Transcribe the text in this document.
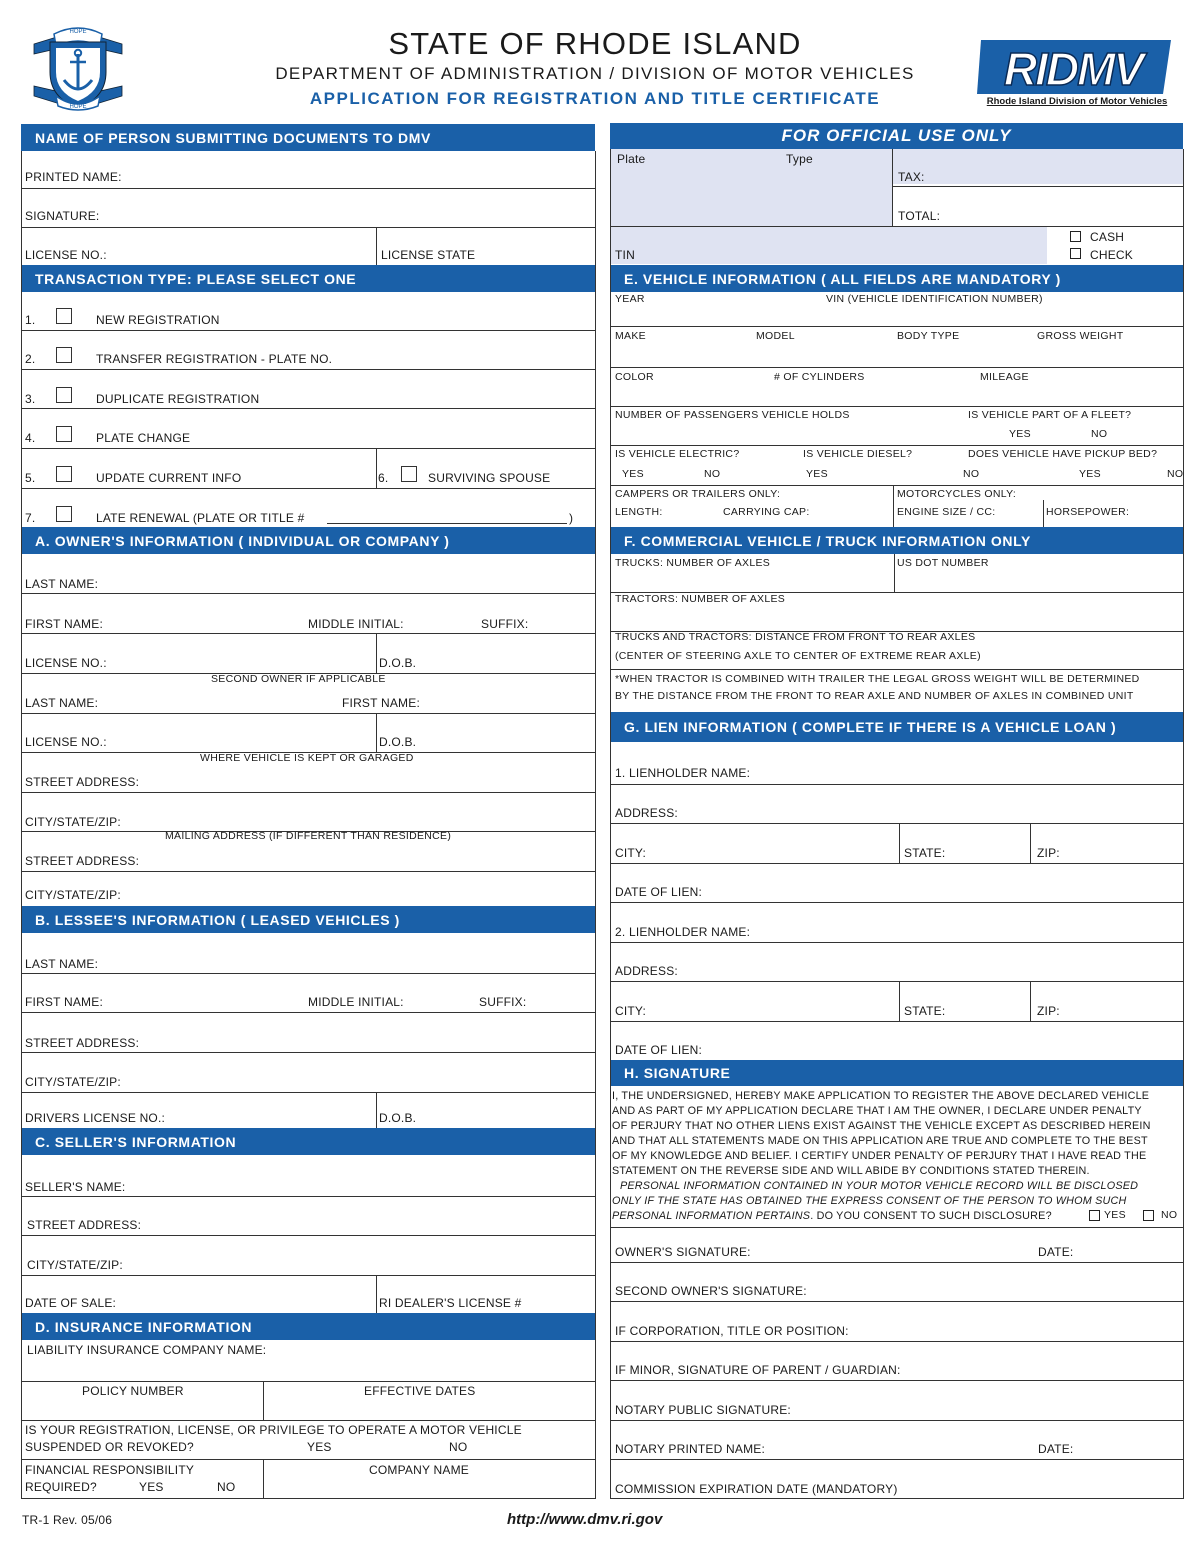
HOPE
HOPE
STATE OF RHODE ISLAND
DEPARTMENT OF ADMINISTRATION / DIVISION OF MOTOR VEHICLES
APPLICATION FOR REGISTRATION AND TITLE CERTIFICATE
RIDMV
Rhode Island Division of Motor Vehicles
NAME OF PERSON SUBMITTING DOCUMENTS TO DMV
PRINTED NAME:
SIGNATURE:
LICENSE NO.:	LICENSE STATE
TRANSACTION TYPE: PLEASE SELECT ONE
1.	NEW REGISTRATION
2.	TRANSFER REGISTRATION - PLATE NO.
3.	DUPLICATE REGISTRATION
4.	PLATE CHANGE
5.	UPDATE CURRENT INFO	6.	SURVIVING SPOUSE
7.	LATE RENEWAL (PLATE OR TITLE #	)
A. OWNER'S INFORMATION ( INDIVIDUAL OR COMPANY )
LAST NAME:
FIRST NAME:	MIDDLE INITIAL:	SUFFIX:
LICENSE NO.:	D.O.B.
SECOND OWNER IF APPLICABLE
LAST NAME:	FIRST NAME:
LICENSE NO.:	D.O.B.
WHERE VEHICLE IS KEPT OR GARAGED
STREET ADDRESS:
CITY/STATE/ZIP:
MAILING ADDRESS (IF DIFFERENT THAN RESIDENCE)
STREET ADDRESS:
CITY/STATE/ZIP:
B. LESSEE'S INFORMATION ( LEASED VEHICLES )
LAST NAME:
FIRST NAME:	MIDDLE INITIAL:	SUFFIX:
STREET ADDRESS:
CITY/STATE/ZIP:
DRIVERS LICENSE NO.:	D.O.B.
C. SELLER'S INFORMATION
SELLER'S NAME:
STREET ADDRESS:
CITY/STATE/ZIP:
DATE OF SALE:	RI DEALER'S LICENSE #
D. INSURANCE INFORMATION
LIABILITY INSURANCE COMPANY NAME:
POLICY NUMBER	EFFECTIVE DATES
IS YOUR REGISTRATION, LICENSE, OR PRIVILEGE TO OPERATE A MOTOR VEHICLE
SUSPENDED OR REVOKED?	YES	NO
FINANCIAL RESPONSIBILITY
REQUIRED?	YES	NO
COMPANY NAME
FOR OFFICIAL USE ONLY
Plate	Type
TAX:
TOTAL:
TIN
CASH
CHECK
E. VEHICLE INFORMATION ( ALL FIELDS ARE MANDATORY )
YEAR	VIN (VEHICLE IDENTIFICATION NUMBER)
MAKE	MODEL	BODY TYPE	GROSS WEIGHT
COLOR	# OF CYLINDERS	MILEAGE
NUMBER OF PASSENGERS VEHICLE HOLDS	IS VEHICLE PART OF A FLEET?
YES	NO
IS VEHICLE ELECTRIC?	IS VEHICLE DIESEL?	DOES VEHICLE HAVE PICKUP BED?
YES	NO	YES	NO	YES	NO
CAMPERS OR TRAILERS ONLY:	MOTORCYCLES ONLY:
LENGTH:	CARRYING CAP:	ENGINE SIZE / CC:	HORSEPOWER:
F. COMMERCIAL VEHICLE / TRUCK INFORMATION ONLY
TRUCKS: NUMBER OF AXLES	US DOT NUMBER
TRACTORS: NUMBER OF AXLES
TRUCKS AND TRACTORS: DISTANCE FROM FRONT TO REAR AXLES
(CENTER OF STEERING AXLE TO CENTER OF EXTREME REAR AXLE)
*WHEN TRACTOR IS COMBINED WITH TRAILER THE LEGAL GROSS WEIGHT WILL BE DETERMINED
BY THE DISTANCE FROM THE FRONT TO REAR AXLE AND NUMBER OF AXLES IN COMBINED UNIT
G. LIEN INFORMATION ( COMPLETE IF THERE IS A VEHICLE LOAN )
1. LIENHOLDER NAME:
ADDRESS:
CITY:	STATE:	ZIP:
DATE OF LIEN:
2. LIENHOLDER NAME:
ADDRESS:
CITY:	STATE:	ZIP:
DATE OF LIEN:
H. SIGNATURE
I, THE UNDERSIGNED, HEREBY MAKE APPLICATION TO REGISTER THE ABOVE DECLARED VEHICLE
AND AS PART OF MY APPLICATION DECLARE THAT I AM THE OWNER, I DECLARE UNDER PENALTY
OF PERJURY THAT NO OTHER LIENS EXIST AGAINST THE VEHICLE EXCEPT AS DESCRIBED HEREIN
AND THAT ALL STATEMENTS MADE ON THIS APPLICATION ARE TRUE AND COMPLETE TO THE BEST
OF MY KNOWLEDGE AND BELIEF. I CERTIFY UNDER PENALTY OF PERJURY THAT I HAVE READ THE
STATEMENT ON THE REVERSE SIDE AND WILL ABIDE BY CONDITIONS STATED THEREIN.
PERSONAL INFORMATION CONTAINED IN YOUR MOTOR VEHICLE RECORD WILL BE DISCLOSED
ONLY IF THE STATE HAS OBTAINED THE EXPRESS CONSENT OF THE PERSON TO WHOM SUCH
PERSONAL INFORMATION PERTAINS. DO YOU CONSENT TO SUCH DISCLOSURE?	YES	NO
OWNER'S SIGNATURE:	DATE:
SECOND OWNER'S SIGNATURE:
IF CORPORATION, TITLE OR POSITION:
IF MINOR, SIGNATURE OF PARENT / GUARDIAN:
NOTARY PUBLIC SIGNATURE:
NOTARY PRINTED NAME:	DATE:
COMMISSION EXPIRATION DATE (MANDATORY)
TR-1 Rev. 05/06	http://www.dmv.ri.gov
